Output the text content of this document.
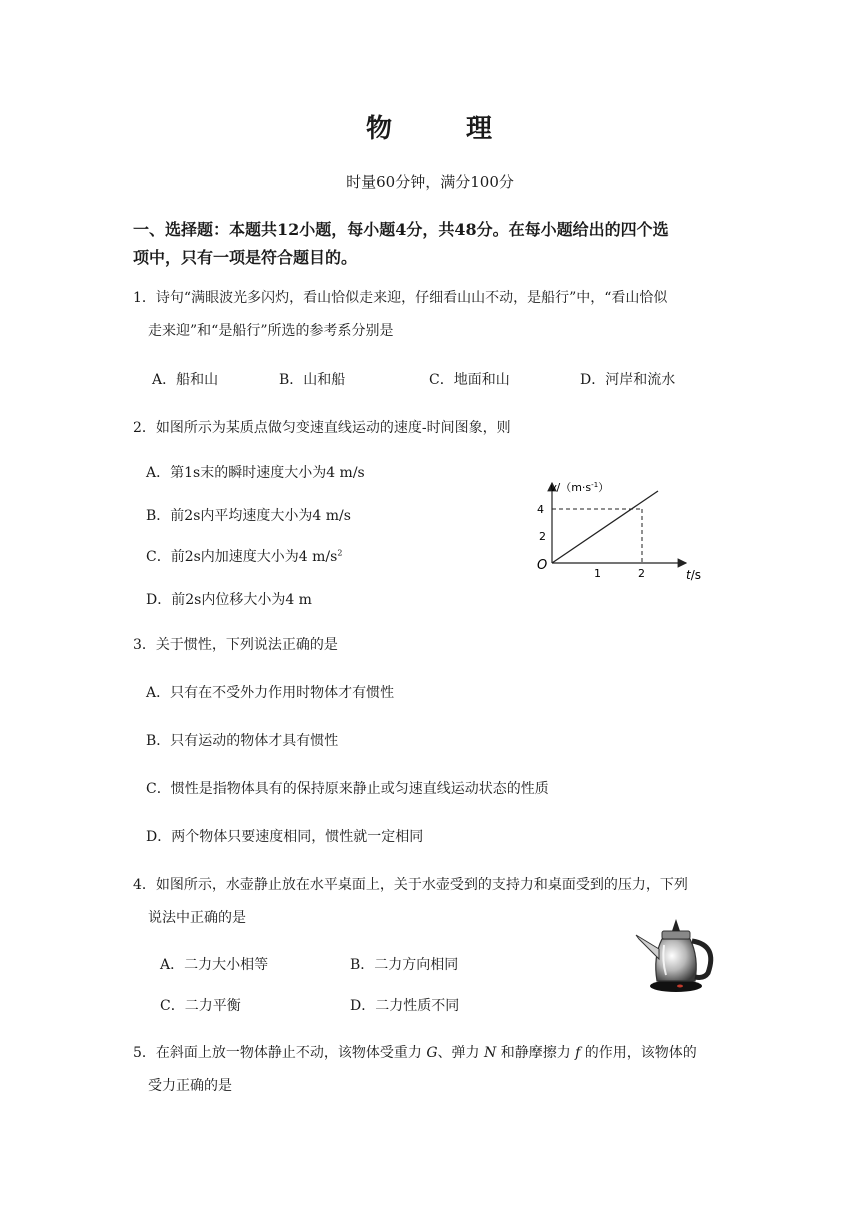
物	理
时量60分钟，满分100分
一、选择题：本题共12小题，每小题4分，共48分。在每小题给出的四个选
项中，只有一项是符合题目的。
1．诗句“满眼波光多闪灼，看山恰似走来迎，仔细看山山不动，是船行”中，“看山恰似
走来迎”和“是船行”所选的参考系分别是
A．船和山	B．山和船	C．地面和山	D．河岸和流水
2．如图所示为某质点做匀变速直线运动的速度-时间图象，则
A．第1s末的瞬时速度大小为4 m/s
B．前2s内平均速度大小为4 m/s
C．前2s内加速度大小为4 $m/s^2$
D．前2s内位移大小为4 m
$v/(m\cdot s^{-1})$
4
2
O
1	2	t/s
3．关于惯性，下列说法正确的是
A．只有在不受外力作用时物体才有惯性
B．只有运动的物体才具有惯性
C．惯性是指物体具有的保持原来静止或匀速直线运动状态的性质
D．两个物体只要速度相同，惯性就一定相同
4．如图所示，水壶静止放在水平桌面上，关于水壶受到的支持力和桌面受到的压力，下列
说法中正确的是
A．二力大小相等	B．二力方向相同
C．二力平衡	D．二力性质不同
5．在斜面上放一物体静止不动，该物体受重力 G、弹力 N 和静摩擦力 f 的作用，该物体的
受力正确的是
